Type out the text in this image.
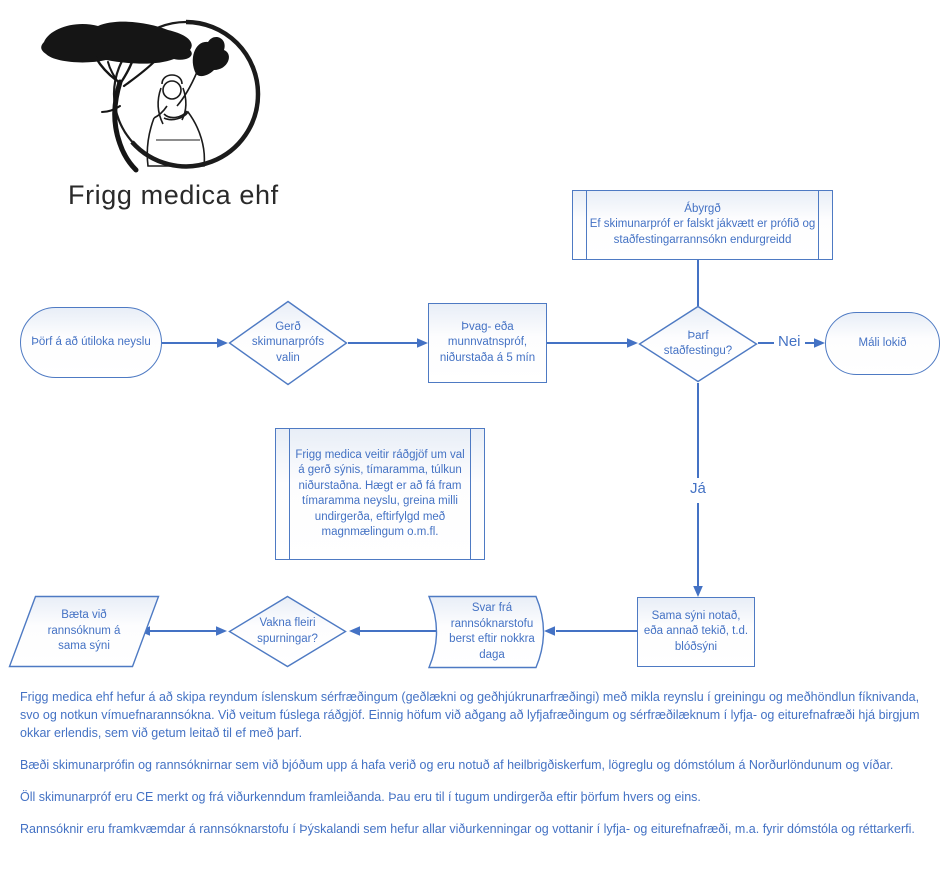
Frigg medica ehf
Nei
Já
Ábyrgð
Ef skimunarpróf er falskt jákvætt er prófið og staðfestingarrannsókn endurgreidd
Þörf á að útiloka neyslu
Gerð skimunarprófs valin
Þvag- eða munnvatnspróf, niðurstaða á 5 mín
Þarf staðfestingu?
Máli lokið
Frigg medica veitir ráðgjöf um val á gerð sýnis, tímaramma, túlkun niðurstaðna. Hægt er að fá fram tímaramma neyslu, greina milli undirgerða, eftirfylgd með magnmælingum o.m.fl.
Bæta við rannsóknum á sama sýni
Vakna fleiri spurningar?
Svar frá rannsóknarstofu berst eftir nokkra daga
Sama sýni notað, eða annað tekið, t.d. blóðsýni

Frigg medica ehf hefur á að skipa reyndum íslenskum sérfræðingum (geðlækni og geðhjúkrunarfræðingi) með mikla reynslu í greiningu og meðhöndlun fíknivanda, svo og notkun vímuefnarannsókna. Við veitum fúslega ráðgjöf. Einnig höfum við aðgang að lyfjafræðingum og sérfræðilæknum í lyfja- og eiturefnafræði hjá birgjum okkar erlendis, sem við getum leitað til ef með þarf.

Bæði skimunarprófin og rannsóknirnar sem við bjóðum upp á hafa verið og eru notuð af heilbrigðiskerfum, lögreglu og dómstólum á Norðurlöndunum og víðar.

Öll skimunarpróf eru CE merkt og frá viðurkenndum framleiðanda. Þau eru til í tugum undirgerða eftir þörfum hvers og eins.

Rannsóknir eru framkvæmdar á rannsóknarstofu í Þýskalandi sem hefur allar viðurkenningar og vottanir í lyfja- og eiturefnafræði, m.a. fyrir dómstóla og réttarkerfi.
